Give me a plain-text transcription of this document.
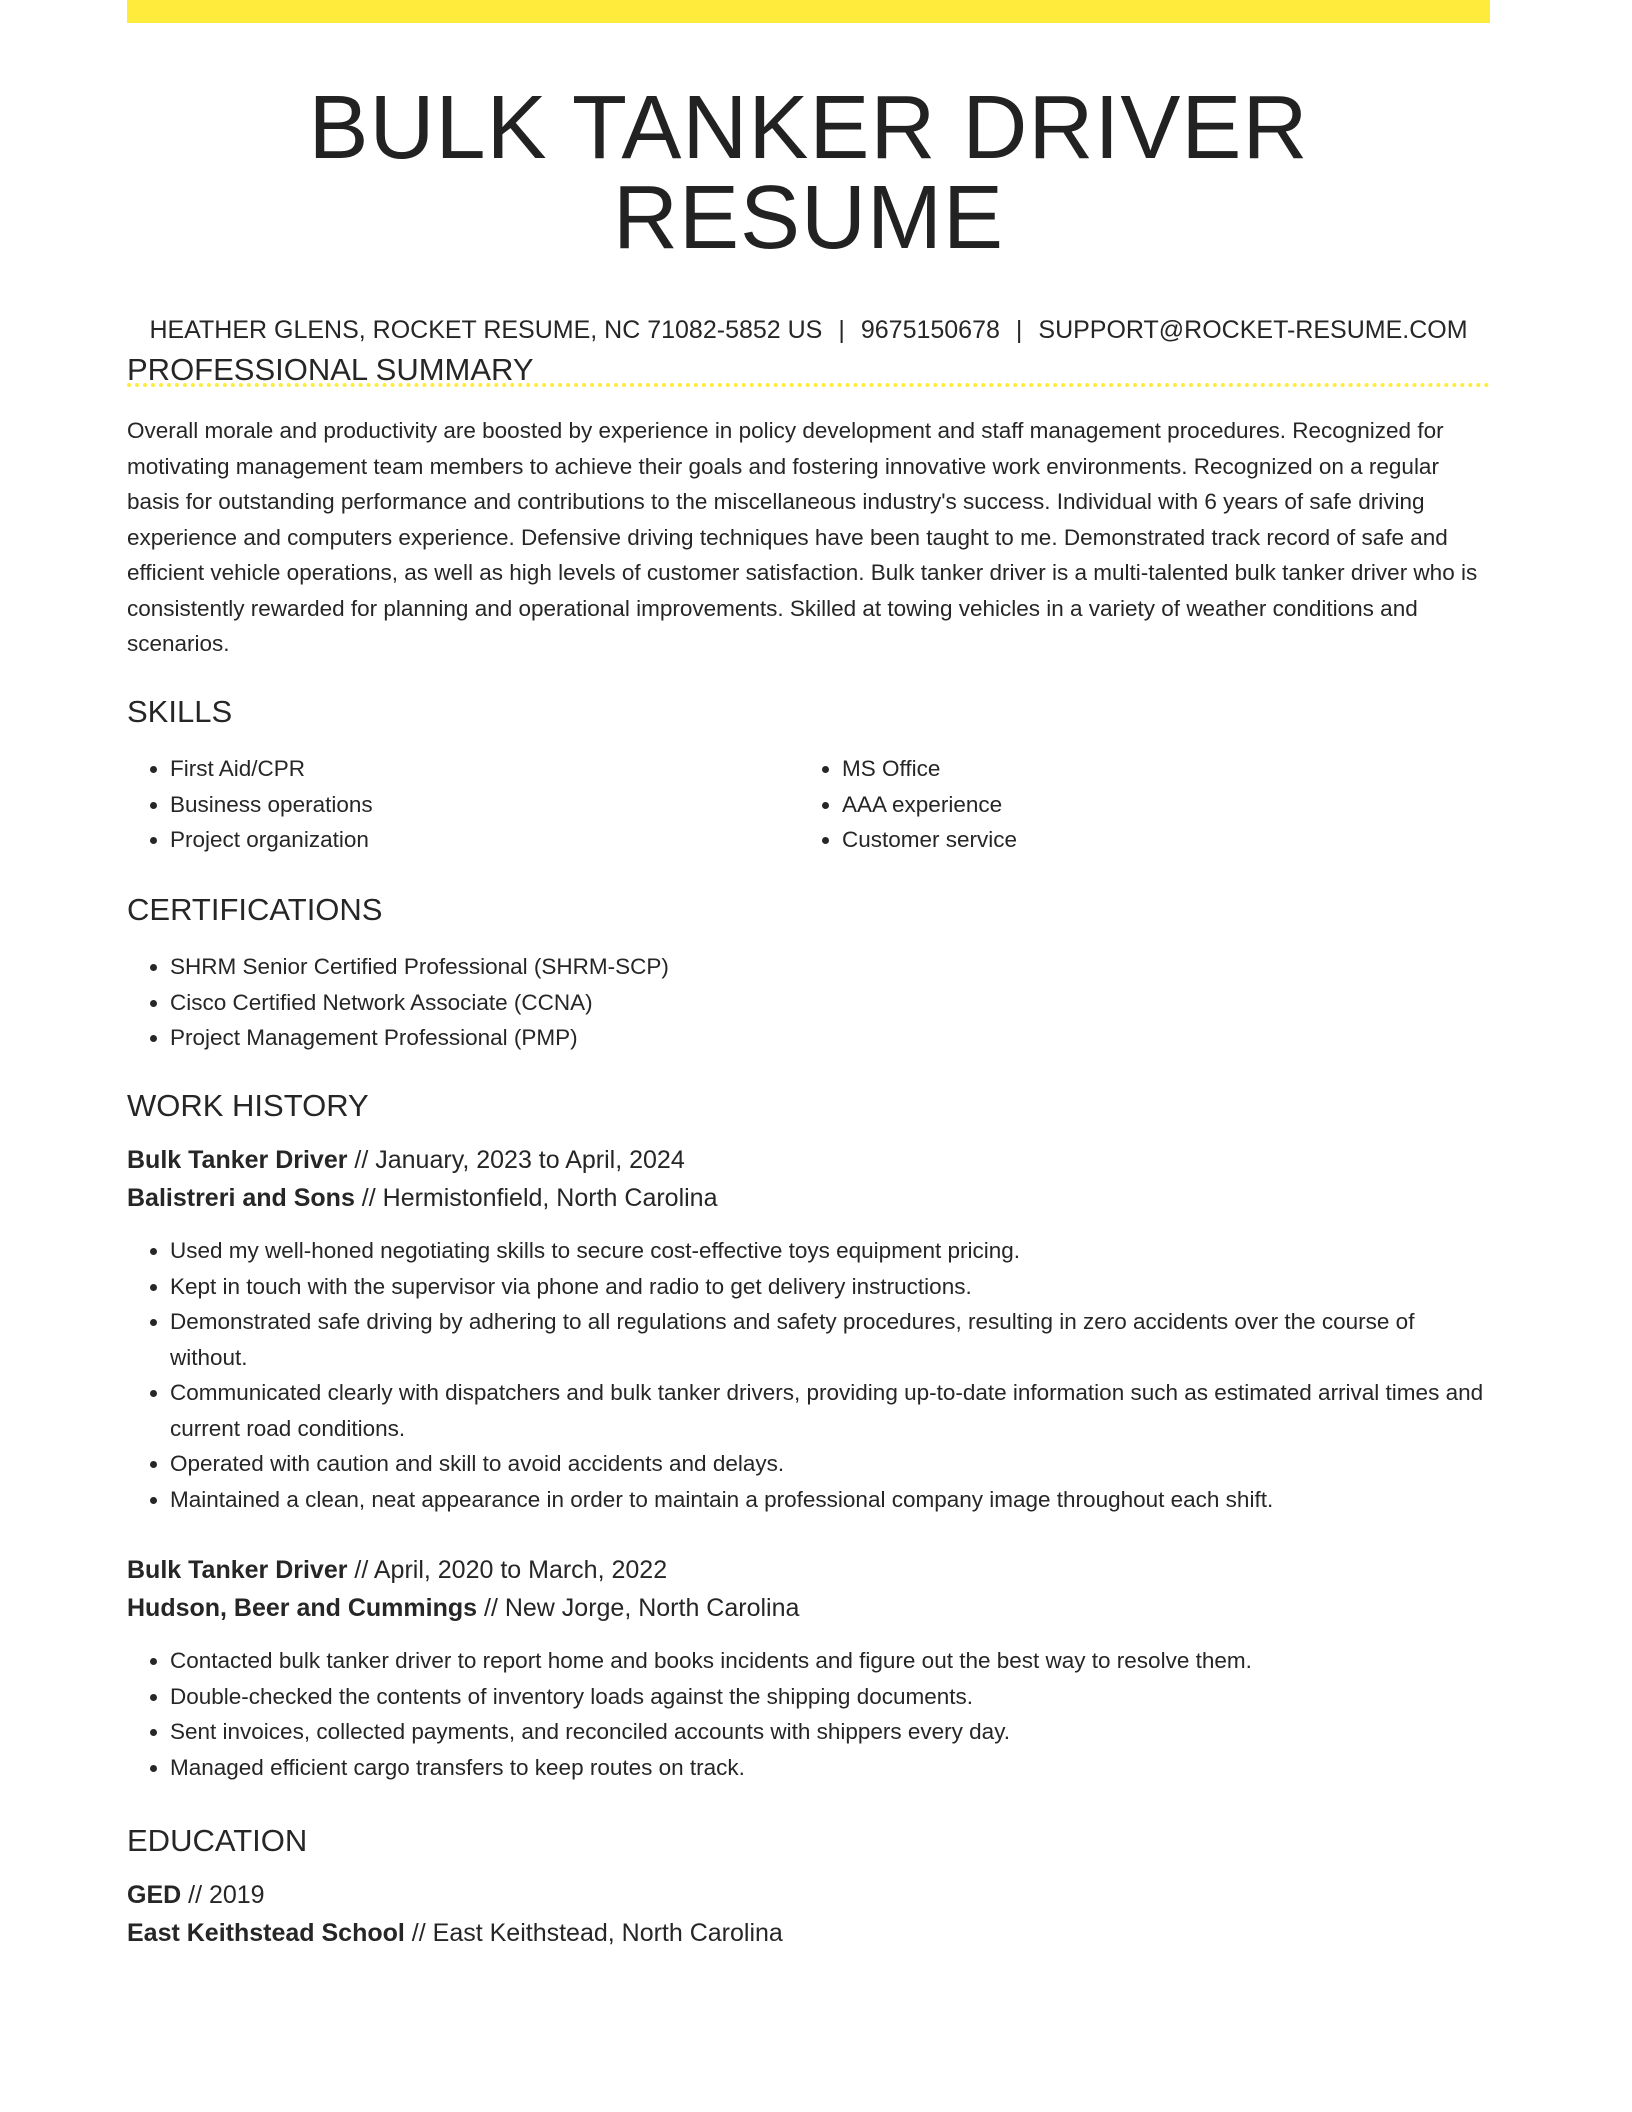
BULK TANKER DRIVER RESUME
HEATHER GLENS, ROCKET RESUME, NC 71082-5852 US | 9675150678 | SUPPORT@ROCKET-RESUME.COM
PROFESSIONAL SUMMARY

Overall morale and productivity are boosted by experience in policy development and staff management procedures. Recognized for motivating management team members to achieve their goals and fostering innovative work environments. Recognized on a regular basis for outstanding performance and contributions to the miscellaneous industry's success. Individual with 6 years of safe driving experience and computers experience. Defensive driving techniques have been taught to me. Demonstrated track record of safe and efficient vehicle operations, as well as high levels of customer satisfaction. Bulk tanker driver is a multi-talented bulk tanker driver who is consistently rewarded for planning and operational improvements. Skilled at towing vehicles in a variety of weather conditions and scenarios.

SKILLS
• First Aid/CPR
• Business operations
• Project organization
• MS Office
• AAA experience
• Customer service
CERTIFICATIONS
• SHRM Senior Certified Professional (SHRM-SCP)
• Cisco Certified Network Associate (CCNA)
• Project Management Professional (PMP)
WORK HISTORY
Bulk Tanker Driver // January, 2023 to April, 2024
Balistreri and Sons // Hermistonfield, North Carolina
• Used my well-honed negotiating skills to secure cost-effective toys equipment pricing.
• Kept in touch with the supervisor via phone and radio to get delivery instructions.
• Demonstrated safe driving by adhering to all regulations and safety procedures, resulting in zero accidents over the course of without.
• Communicated clearly with dispatchers and bulk tanker drivers, providing up-to-date information such as estimated arrival times and current road conditions.
• Operated with caution and skill to avoid accidents and delays.
• Maintained a clean, neat appearance in order to maintain a professional company image throughout each shift.
Bulk Tanker Driver // April, 2020 to March, 2022
Hudson, Beer and Cummings // New Jorge, North Carolina
• Contacted bulk tanker driver to report home and books incidents and figure out the best way to resolve them.
• Double-checked the contents of inventory loads against the shipping documents.
• Sent invoices, collected payments, and reconciled accounts with shippers every day.
• Managed efficient cargo transfers to keep routes on track.
EDUCATION
GED // 2019
East Keithstead School // East Keithstead, North Carolina
